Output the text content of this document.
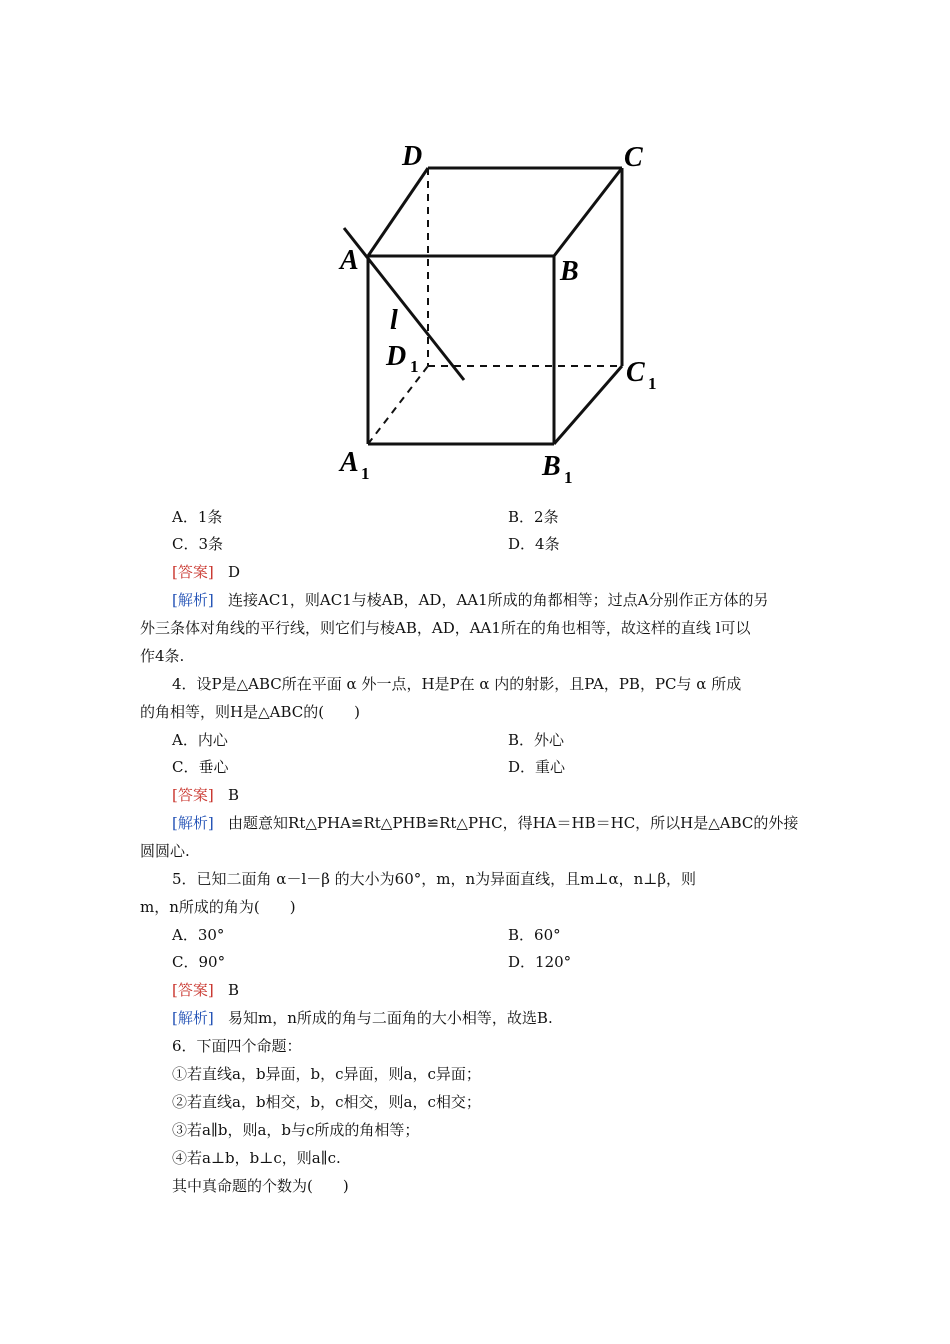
D	C
A	B
l
D 1	C 1
A 1	B 1
A．1条	B．2条
C．3条	D．4条
[答案] D
[解析] 连接AC1，则AC1与棱AB，AD，AA1所成的角都相等；过点A分别作正方体的另
外三条体对角线的平行线，则它们与棱AB，AD，AA1所在的角也相等，故这样的直线 l可以
作4条.
4．设P是△ABC所在平面 α 外一点，H是P在 α 内的射影，且PA，PB，PC与 α 所成
的角相等，则H是△ABC的(　　)
A．内心	B．外心
C．垂心	D．重心
[答案] B
[解析] 由题意知Rt△PHA≌Rt△PHB≌Rt△PHC，得HA＝HB＝HC，所以H是△ABC的外接
圆圆心.
5．已知二面角 α－l－β 的大小为60°，m，n为异面直线，且m⊥α，n⊥β，则
m，n所成的角为(　　)
A．30°	B．60°
C．90°	D．120°
[答案] B
[解析] 易知m，n所成的角与二面角的大小相等，故选B.
6．下面四个命题：
①若直线a，b异面，b，c异面，则a，c异面；
②若直线a，b相交，b，c相交，则a，c相交；
③若a∥b，则a，b与c所成的角相等；
④若a⊥b，b⊥c，则a∥c.
其中真命题的个数为(　　)
